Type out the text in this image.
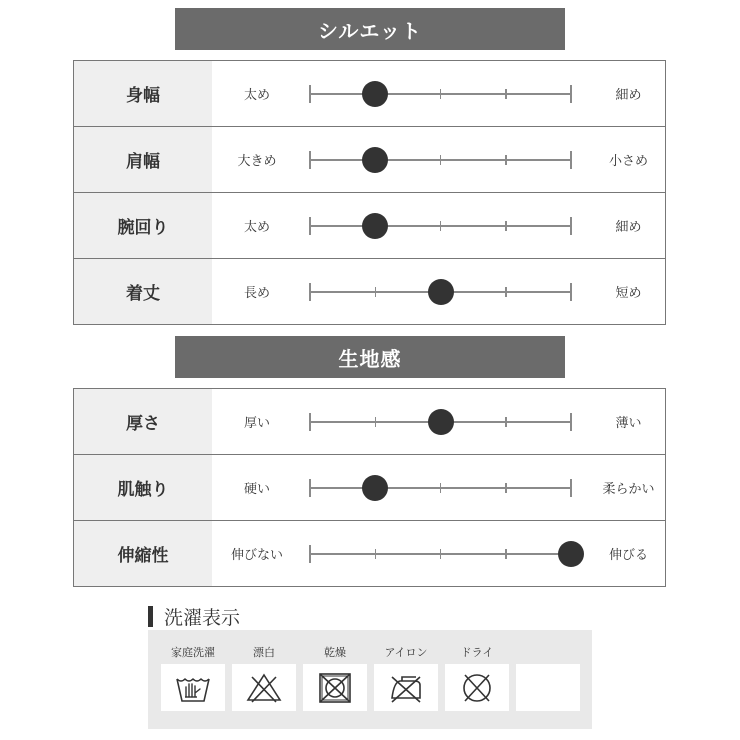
シルエット
身幅	太め	細め
肩幅	大きめ	小さめ
腕回り	太め	細め
着丈	長め	短め
生地感
厚さ	厚い	薄い
肌触り	硬い	柔らかい
伸縮性	伸びない	伸びる
洗濯表示
家庭洗濯	漂白	乾燥	アイロン	ドライ
